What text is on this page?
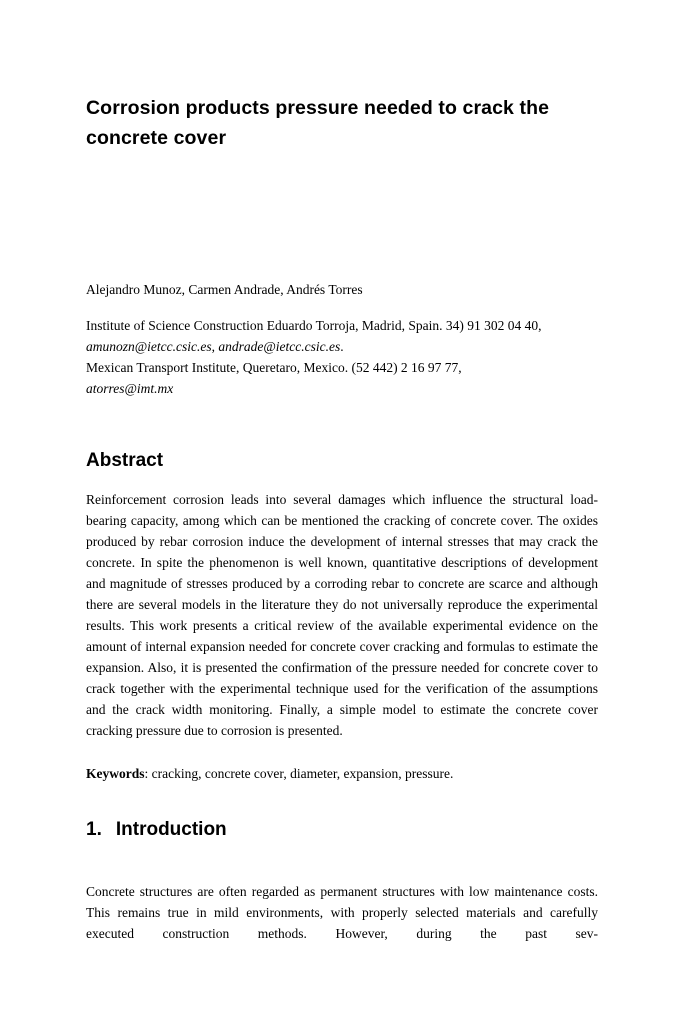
Corrosion products pressure needed to crack the concrete cover

Alejandro Munoz, Carmen Andrade, Andrés Torres

Institute of Science Construction Eduardo Torroja, Madrid, Spain. 34) 91 302 04 40, amunozn@ietcc.csic.es, andrade@ietcc.csic.es.
Mexican Transport Institute, Queretaro, Mexico. (52 442) 2 16 97 77,
atorres@imt.mx

Abstract

Reinforcement corrosion leads into several damages which influence the structural load-bearing capacity, among which can be mentioned the cracking of concrete cover. The oxides produced by rebar corrosion induce the development of internal stresses that may crack the concrete. In spite the phenomenon is well known, quantitative descriptions of development and magnitude of stresses produced by a corroding rebar to concrete are scarce and although there are several models in the literature they do not universally reproduce the experimental results. This work presents a critical review of the available experimental evidence on the amount of internal expansion needed for concrete cover cracking and formulas to estimate the expansion. Also, it is presented the confirmation of the pressure needed for concrete cover to crack together with the experimental technique used for the verification of the assumptions and the crack width monitoring. Finally, a simple model to estimate the concrete cover cracking pressure due to corrosion is presented.

Keywords: cracking, concrete cover, diameter, expansion, pressure.

1. Introduction

Concrete structures are often regarded as permanent structures with low maintenance costs. This remains true in mild environments, with properly selected materials and carefully executed construction methods. However, during the past sev-
